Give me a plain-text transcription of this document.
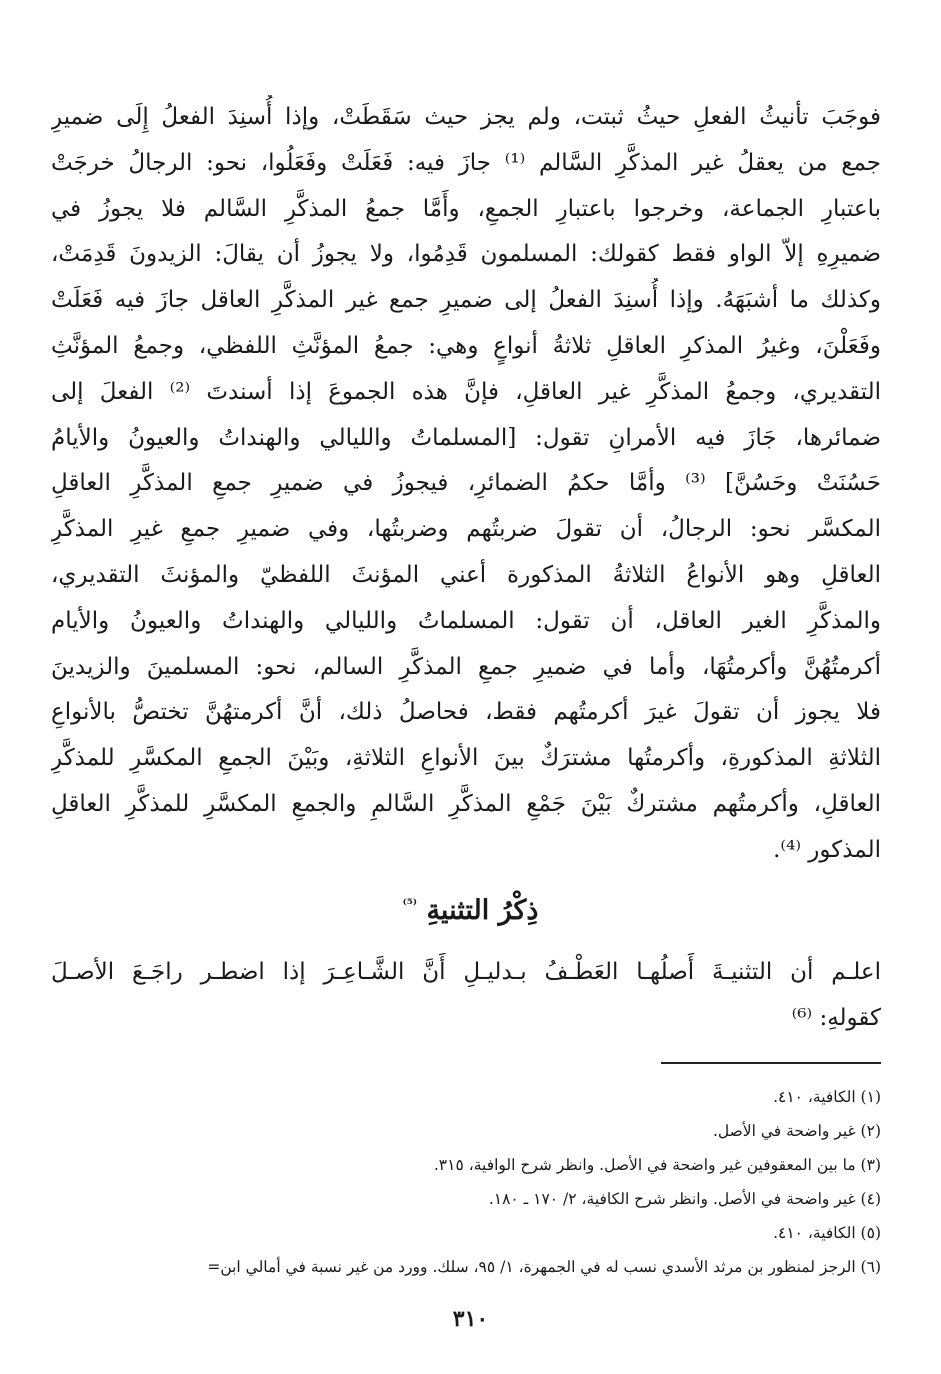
فوجَبَ تأنيثُ الفعلِ حيثُ ثبتت، ولم يجز حيث سَقَطَتْ، وإذا أُسنِدَ الفعلُ إِلَى ضميرِ
جمع من يعقلُ غير المذكَّرِ السَّالم ⁽¹⁾ جازَ فيه: فَعَلَتْ وفَعَلُوا، نحو: الرجالُ خرجَتْ
باعتبارِ الجماعة، وخرجوا باعتبارِ الجمعِ، وأَمَّا جمعُ المذكَّرِ السَّالم فلا يجوزُ في
ضميرِهِ إلاّ الواو فقط كقولك: المسلمون قَدِمُوا، ولا يجوزُ أن يقالَ: الزيدونَ قَدِمَتْ،
وكذلك ما أشبَهَهُ. وإذا أُسنِدَ الفعلُ إلى ضميرِ جمع غير المذكَّرِ العاقل جازَ فيه فَعَلَتْ
وفَعَلْنَ، وغيرُ المذكرِ العاقلِ ثلاثةُ أنواعٍ وهي: جمعُ المؤنَّثِ اللفظي، وجمعُ المؤنَّثِ
التقديري، وجمعُ المذكَّرِ غير العاقلِ، فإنَّ هذه الجموعَ إذا أسندتَ ⁽²⁾ الفعلَ إلى
ضمائرها، جَازَ فيه الأمرانِ تقول: [المسلماتُ والليالي والهنداتُ والعيونُ والأيامُ
حَسُنَتْ وحَسُنَّ] ⁽³⁾ وأمَّا حكمُ الضمائرِ، فيجوزُ في ضميرِ جمعِ المذكَّرِ العاقلِ
المكسَّر نحو: الرجالُ، أن تقولَ ضربتُهم وضربتُها، وفي ضميرِ جمعِ غيرِ المذكَّرِ
العاقلِ وهو الأنواعُ الثلاثةُ المذكورة أعني المؤنثَ اللفظيّ والمؤنثَ التقديري،
والمذكَّرِ الغير العاقل، أن تقول: المسلماتُ والليالي والهنداتُ والعيونُ والأيام
أكرمتُهُنَّ وأكرمتُهَا، وأما في ضميرِ جمعِ المذكَّرِ السالم، نحو: المسلمينَ والزيدينَ
فلا يجوز أن تقولَ غيرَ أكرمتُهم فقط، فحاصلُ ذلك، أنَّ أكرمتهُنَّ تختصُّ بالأنواعِ
الثلاثةِ المذكورةِ، وأكرمتُها مشترَكٌ بينَ الأنواعِ الثلاثةِ، وبَيْنَ الجمعِ المكسَّرِ للمذكَّرِ
العاقلِ، وأكرمتُهم مشتركٌ بَيْنَ جَمْعِ المذكَّرِ السَّالمِ والجمعِ المكسَّرِ للمذكَّرِ العاقلِ
المذكور ⁽⁴⁾.
ذِكْرُ التثنيةِ $^{^{(5)}}$
اعلـم أن التثنيـةَ أَصلُهـا العَطْـفُ بـدليـلِ أَنَّ الشَّـاعِـرَ إذا اضطـر راجَـعَ الأصـلَ
كقولهِ: ⁽⁶⁾
(١) الكافية، ٤١٠.
(٢) غير واضحة في الأصل.
(٣) ما بين المعقوفين غير واضحة في الأصل. وانظر شرح الوافية، ٣١٥.
(٤) غير واضحة في الأصل. وانظر شرح الكافية، ٢/ ١٧٠ ـ ١٨٠.
(٥) الكافية، ٤١٠.
(٦) الرجز لمنظور بن مرثد الأسدي نسب له في الجمهرة، ١/ ٩٥، سلك. وورد من غير نسبة في أمالي ابن=
٣١٠
